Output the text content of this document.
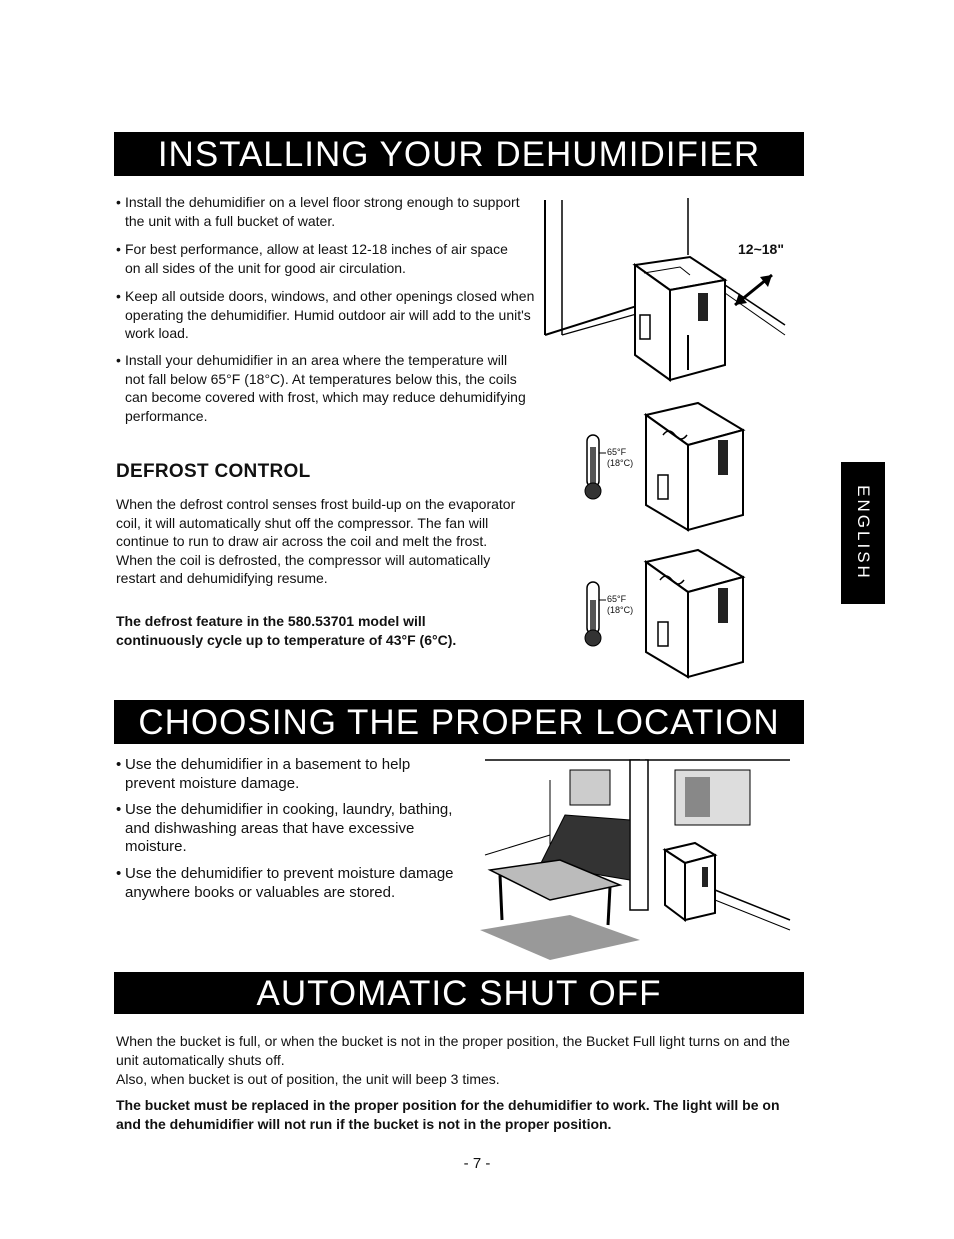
INSTALLING YOUR DEHUMIDIFIER
• Install the dehumidifier on a level floor strong enough to support the unit with a full bucket of water.
• For best performance, allow at least 12-18 inches of air space on all sides of the unit for good air circulation.
• Keep all outside doors, windows, and other openings closed when operating the dehumidifier. Humid outdoor air will add to the unit's work load.
• Install your dehumidifier in an area where the temperature will not fall below 65°F (18°C). At temperatures below this, the coils can become covered with frost, which may reduce dehumidifying performance.
12~18"
DEFROST CONTROL
When the defrost control senses frost build-up on the evaporator coil, it will automatically shut off the compressor. The fan will continue to run to draw air across the coil and melt the frost. When the coil is defrosted, the compressor will automatically restart and dehumidifying resume.
The defrost feature in the 580.53701 model will continuously cycle up to temperature of 43°F (6°C).
65°F
(18°C)
65°F
(18°C)
CHOOSING THE PROPER LOCATION
• Use the dehumidifier in a basement to help prevent moisture damage.
• Use the dehumidifier in cooking, laundry, bathing, and dishwashing areas that have excessive moisture.
• Use the dehumidifier to prevent moisture damage anywhere books or valuables are stored.
AUTOMATIC SHUT OFF
When the bucket is full, or when the bucket is not in the proper position, the Bucket Full light turns on and the unit automatically shuts off.
Also, when bucket is out of position, the unit will beep 3 times.
The bucket must be replaced in the proper position for the dehumidifier to work. The light will be on and the dehumidifier will not run if the bucket is not in the proper position.
ENGLISH
- 7 -
